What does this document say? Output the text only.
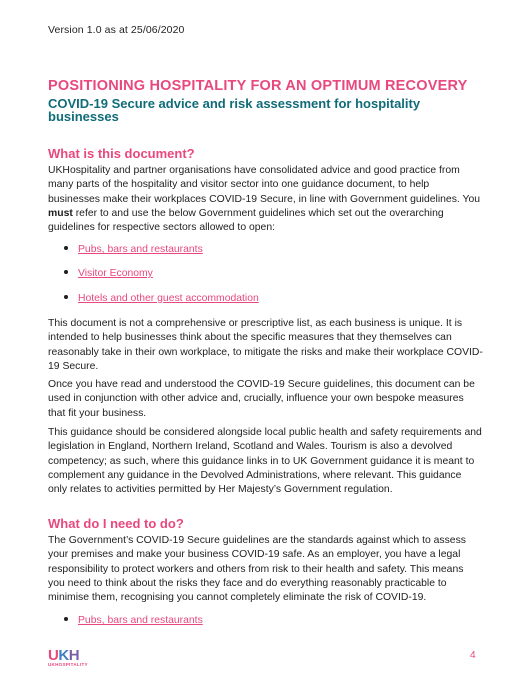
Version 1.0 as at 25/06/2020
POSITIONING HOSPITALITY FOR AN OPTIMUM RECOVERY
COVID-19 Secure advice and risk assessment for hospitality businesses
What is this document?

UKHospitality and partner organisations have consolidated advice and good practice from many parts of the hospitality and visitor sector into one guidance document, to help businesses make their workplaces COVID-19 Secure, in line with Government guidelines. You must refer to and use the below Government guidelines which set out the overarching guidelines for respective sectors allowed to open:

Pubs, bars and restaurants
Visitor Economy
Hotels and other guest accommodation

This document is not a comprehensive or prescriptive list, as each business is unique. It is intended to help businesses think about the specific measures that they themselves can reasonably take in their own workplace, to mitigate the risks and make their workplace COVID-19 Secure.

Once you have read and understood the COVID-19 Secure guidelines, this document can be used in conjunction with other advice and, crucially, influence your own bespoke measures that fit your business.

This guidance should be considered alongside local public health and safety requirements and legislation in England, Northern Ireland, Scotland and Wales. Tourism is also a devolved competency; as such, where this guidance links in to UK Government guidance it is meant to complement any guidance in the Devolved Administrations, where relevant. This guidance only relates to activities permitted by Her Majesty’s Government regulation.

What do I need to do?

The Government’s COVID-19 Secure guidelines are the standards against which to assess your premises and make your business COVID-19 safe. As an employer, you have a legal responsibility to protect workers and others from risk to their health and safety. This means you need to think about the risks they face and do everything reasonably practicable to minimise them, recognising you cannot completely eliminate the risk of COVID-19.

Pubs, bars and restaurants
UKH
UKHOSPITALITY
4
